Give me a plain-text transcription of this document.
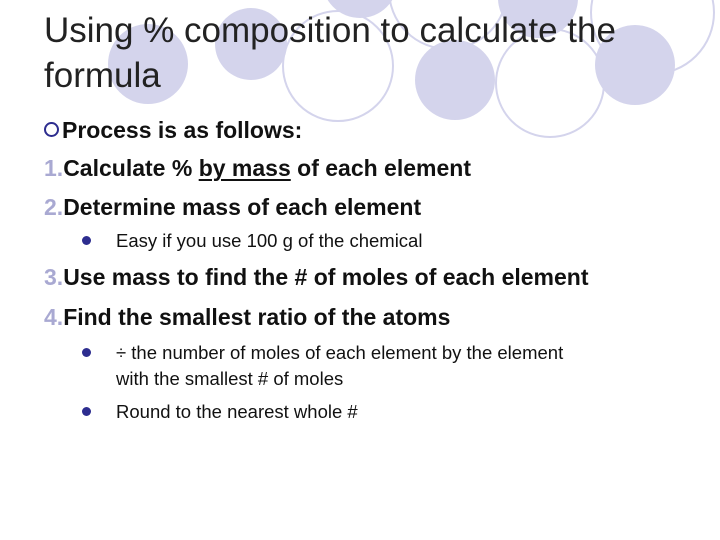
Using % composition to calculate the formula
Process is as follows:
1.Calculate % by mass of each element
2.Determine mass of each element
Easy if you use 100 g of the chemical
3.Use mass to find the # of moles of each element
4.Find the smallest ratio of the atoms
÷ the number of moles of each element by the element
with the smallest # of moles
Round to the nearest whole #
